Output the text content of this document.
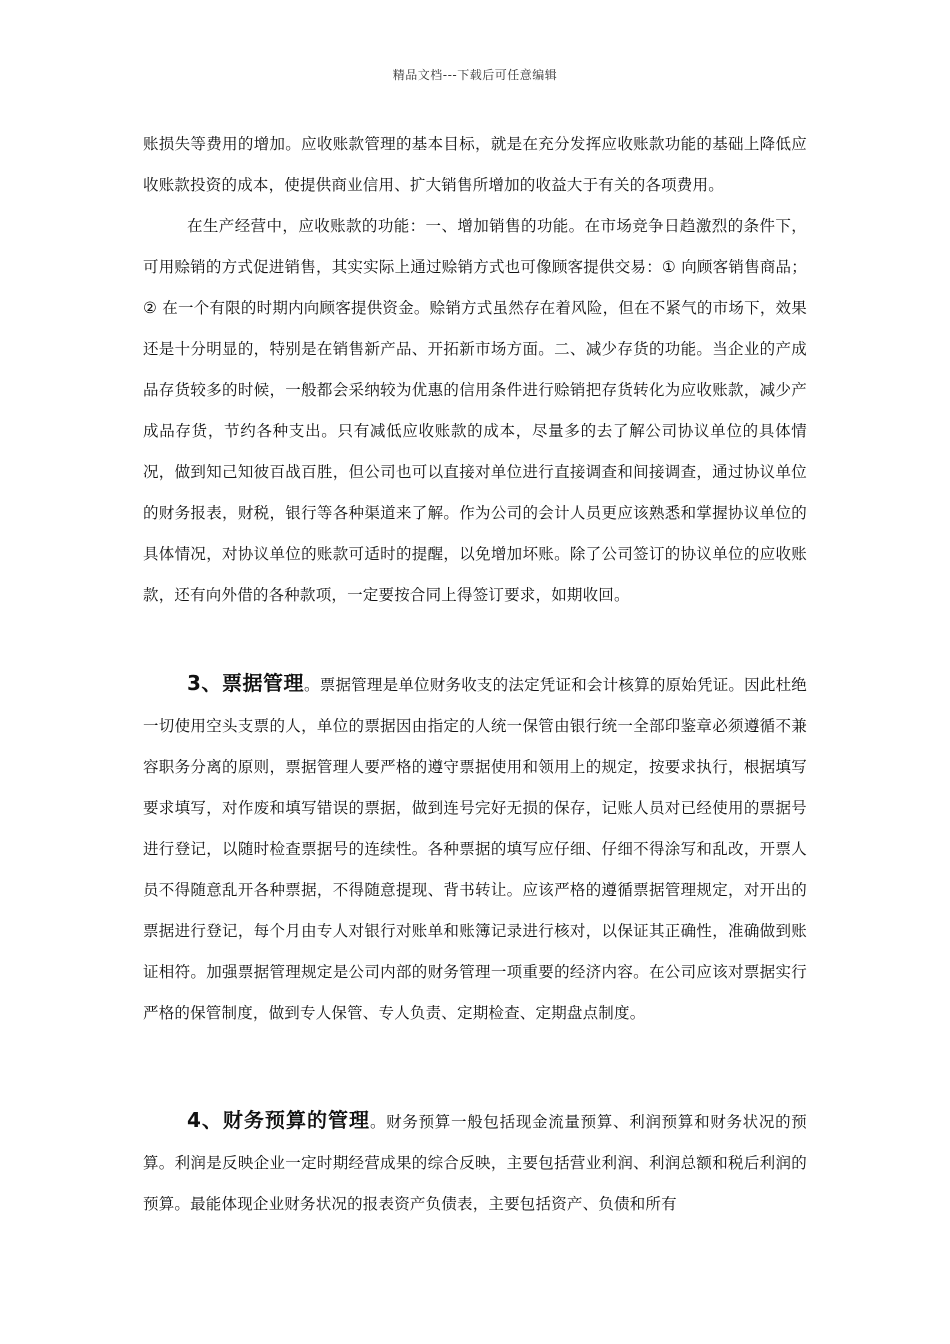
精品文档---下载后可任意编辑

账损失等费用的增加。应收账款管理的基本目标，就是在充分发挥应收账款功能的基础上降低应收账款投资的成本，使提供商业信用、扩大销售所增加的收益大于有关的各项费用。

在生产经营中，应收账款的功能：一、增加销售的功能。在市场竞争日趋激烈的条件下，可用赊销的方式促进销售，其实实际上通过赊销方式也可像顾客提供交易：① 向顾客销售商品；② 在一个有限的时期内向顾客提供资金。赊销方式虽然存在着风险，但在不紧气的市场下，效果还是十分明显的，特别是在销售新产品、开拓新市场方面。二、减少存货的功能。当企业的产成品存货较多的时候，一般都会采纳较为优惠的信用条件进行赊销把存货转化为应收账款，减少产成品存货，节约各种支出。只有减低应收账款的成本，尽量多的去了解公司协议单位的具体情况，做到知己知彼百战百胜，但公司也可以直接对单位进行直接调查和间接调查，通过协议单位的财务报表，财税，银行等各种渠道来了解。作为公司的会计人员更应该熟悉和掌握协议单位的具体情况，对协议单位的账款可适时的提醒，以免增加坏账。除了公司签订的协议单位的应收账款，还有向外借的各种款项，一定要按合同上得签订要求，如期收回。

3、票据管理。票据管理是单位财务收支的法定凭证和会计核算的原始凭证。因此杜绝一切使用空头支票的人，单位的票据因由指定的人统一保管由银行统一全部印鉴章必须遵循不兼容职务分离的原则，票据管理人要严格的遵守票据使用和领用上的规定，按要求执行，根据填写要求填写，对作废和填写错误的票据，做到连号完好无损的保存，记账人员对已经使用的票据号进行登记，以随时检查票据号的连续性。各种票据的填写应仔细、仔细不得涂写和乱改，开票人员不得随意乱开各种票据，不得随意提现、背书转让。应该严格的遵循票据管理规定，对开出的票据进行登记，每个月由专人对银行对账单和账簿记录进行核对，以保证其正确性，准确做到账证相符。加强票据管理规定是公司内部的财务管理一项重要的经济内容。在公司应该对票据实行严格的保管制度，做到专人保管、专人负责、定期检查、定期盘点制度。

4、财务预算的管理。财务预算一般包括现金流量预算、利润预算和财务状况的预算。利润是反映企业一定时期经营成果的综合反映，主要包括营业利润、利润总额和税后利润的预算。最能体现企业财务状况的报表资产负债表，主要包括资产、负债和所有
